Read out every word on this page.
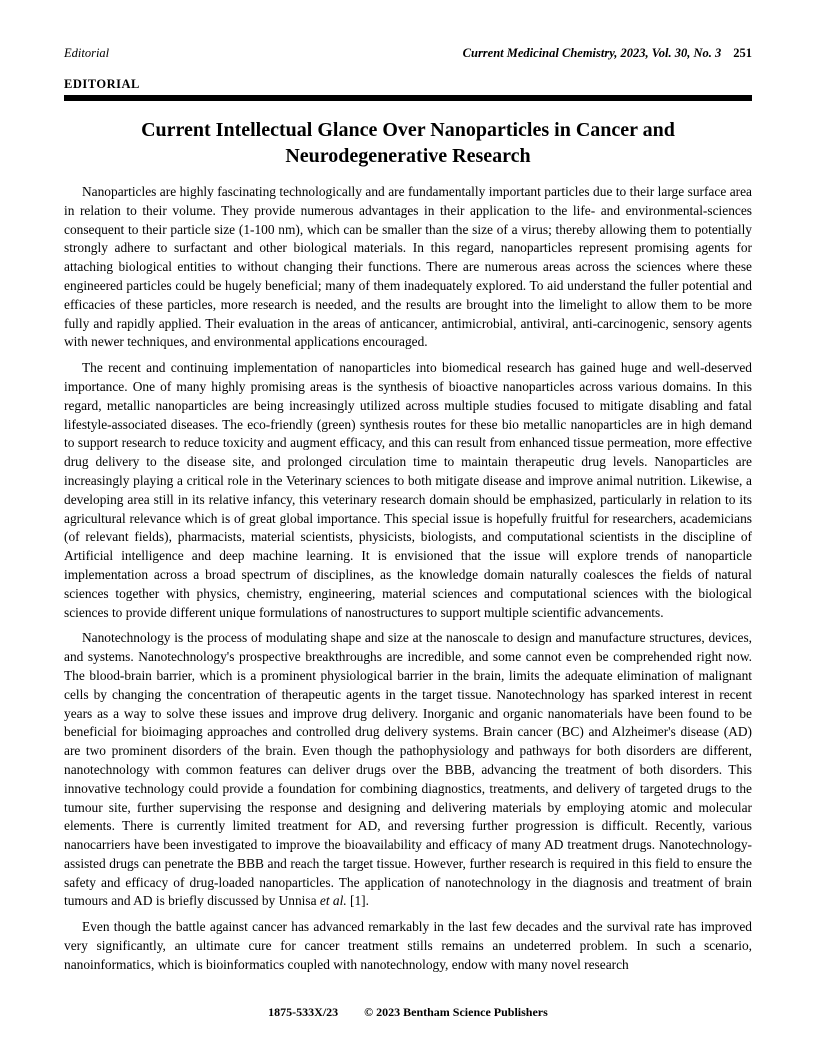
Editorial	Current Medicinal Chemistry, 2023, Vol. 30, No. 3 251
EDITORIAL
Current Intellectual Glance Over Nanoparticles in Cancer and Neurodegenerative Research

Nanoparticles are highly fascinating technologically and are fundamentally important particles due to their large surface area in relation to their volume. They provide numerous advantages in their application to the life- and environmental-sciences consequent to their particle size (1-100 nm), which can be smaller than the size of a virus; thereby allowing them to potentially strongly adhere to surfactant and other biological materials. In this regard, nanoparticles represent promising agents for attaching biological entities to without changing their functions. There are numerous areas across the sciences where these engineered particles could be hugely beneficial; many of them inadequately explored. To aid understand the fuller potential and efficacies of these particles, more research is needed, and the results are brought into the limelight to allow them to be more fully and rapidly applied. Their evaluation in the areas of anticancer, antimicrobial, antiviral, anti-carcinogenic, sensory agents with newer techniques, and environmental applications encouraged.

The recent and continuing implementation of nanoparticles into biomedical research has gained huge and well-deserved importance. One of many highly promising areas is the synthesis of bioactive nanoparticles across various domains. In this regard, metallic nanoparticles are being increasingly utilized across multiple studies focused to mitigate disabling and fatal lifestyle-associated diseases. The eco-friendly (green) synthesis routes for these bio metallic nanoparticles are in high demand to support research to reduce toxicity and augment efficacy, and this can result from enhanced tissue permeation, more effective drug delivery to the disease site, and prolonged circulation time to maintain therapeutic drug levels. Nanoparticles are increasingly playing a critical role in the Veterinary sciences to both mitigate disease and improve animal nutrition. Likewise, a developing area still in its relative infancy, this veterinary research domain should be emphasized, particularly in relation to its agricultural relevance which is of great global importance. This special issue is hopefully fruitful for researchers, academicians (of relevant fields), pharmacists, material scientists, physicists, biologists, and computational scientists in the discipline of Artificial intelligence and deep machine learning. It is envisioned that the issue will explore trends of nanoparticle implementation across a broad spectrum of disciplines, as the knowledge domain naturally coalesces the fields of natural sciences together with physics, chemistry, engineering, material sciences and computational sciences with the biological sciences to provide different unique formulations of nanostructures to support multiple scientific advancements.

Nanotechnology is the process of modulating shape and size at the nanoscale to design and manufacture structures, devices, and systems. Nanotechnology's prospective breakthroughs are incredible, and some cannot even be comprehended right now. The blood-brain barrier, which is a prominent physiological barrier in the brain, limits the adequate elimination of malignant cells by changing the concentration of therapeutic agents in the target tissue. Nanotechnology has sparked interest in recent years as a way to solve these issues and improve drug delivery. Inorganic and organic nanomaterials have been found to be beneficial for bioimaging approaches and controlled drug delivery systems. Brain cancer (BC) and Alzheimer's disease (AD) are two prominent disorders of the brain. Even though the pathophysiology and pathways for both disorders are different, nanotechnology with common features can deliver drugs over the BBB, advancing the treatment of both disorders. This innovative technology could provide a foundation for combining diagnostics, treatments, and delivery of targeted drugs to the tumour site, further supervising the response and designing and delivering materials by employing atomic and molecular elements. There is currently limited treatment for AD, and reversing further progression is difficult. Recently, various nanocarriers have been investigated to improve the bioavailability and efficacy of many AD treatment drugs. Nanotechnology-assisted drugs can penetrate the BBB and reach the target tissue. However, further research is required in this field to ensure the safety and efficacy of drug-loaded nanoparticles. The application of nanotechnology in the diagnosis and treatment of brain tumours and AD is briefly discussed by Unnisa et al. [1].

Even though the battle against cancer has advanced remarkably in the last few decades and the survival rate has improved very significantly, an ultimate cure for cancer treatment stills remains an undeterred problem. In such a scenario, nanoinformatics, which is bioinformatics coupled with nanotechnology, endow with many novel research

1875-533X/23 © 2023 Bentham Science Publishers
